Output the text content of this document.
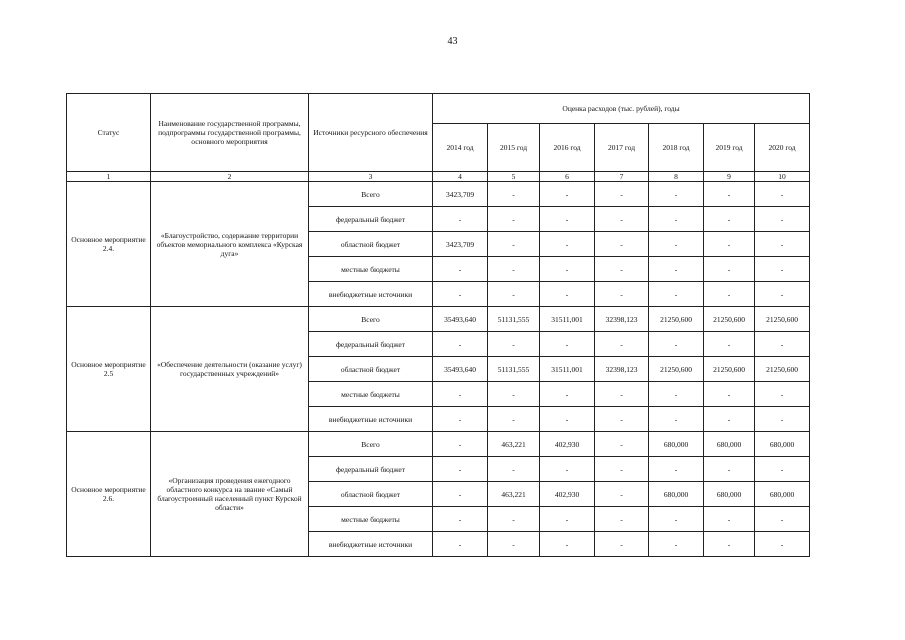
43
Статус	Наименование государственной программы, подпрограммы государственной программы, основного мероприятия	Источники ресурсного обеспечения	Оценка расходов (тыс. рублей), годы						
			2014 год	2015 год	2016 год	2017 год	2018 год	2019 год	2020 год
1	2	3	4	5	6	7	8	9	10
Основное мероприятие 2.4.	«Благоустройство, содержание территории объектов мемориального комплекса «Курская дуга»	Всего	3423,709	-	-	-	-	-	-
		федеральный бюджет	-	-	-	-	-	-	-
		областной бюджет	3423,709	-	-	-	-	-	-
		местные бюджеты	-	-	-	-	-	-	-
		внебюджетные источники	-	-	-	-	-	-	-
Основное мероприятие 2.5	«Обеспечение деятельности (оказание услуг) государственных учреждений»	Всего	35493,640	51131,555	31511,001	32398,123	21250,600	21250,600	21250,600
		федеральный бюджет	-	-	-	-	-	-	-
		областной бюджет	35493,640	51131,555	31511,001	32398,123	21250,600	21250,600	21250,600
		местные бюджеты	-	-	-	-	-	-	-
		внебюджетные источники	-	-	-	-	-	-	-
Основное мероприятие 2.6.	«Организация проведения ежегодного областного конкурса на звание «Самый благоустроенный населенный пункт Курской области»	Всего	-	463,221	402,930	-	680,000	680,000	680,000
		федеральный бюджет	-	-	-	-	-	-	-
		областной бюджет	-	463,221	402,930	-	680,000	680,000	680,000
		местные бюджеты	-	-	-	-	-	-	-
		внебюджетные источники	-	-	-	-	-	-	-
